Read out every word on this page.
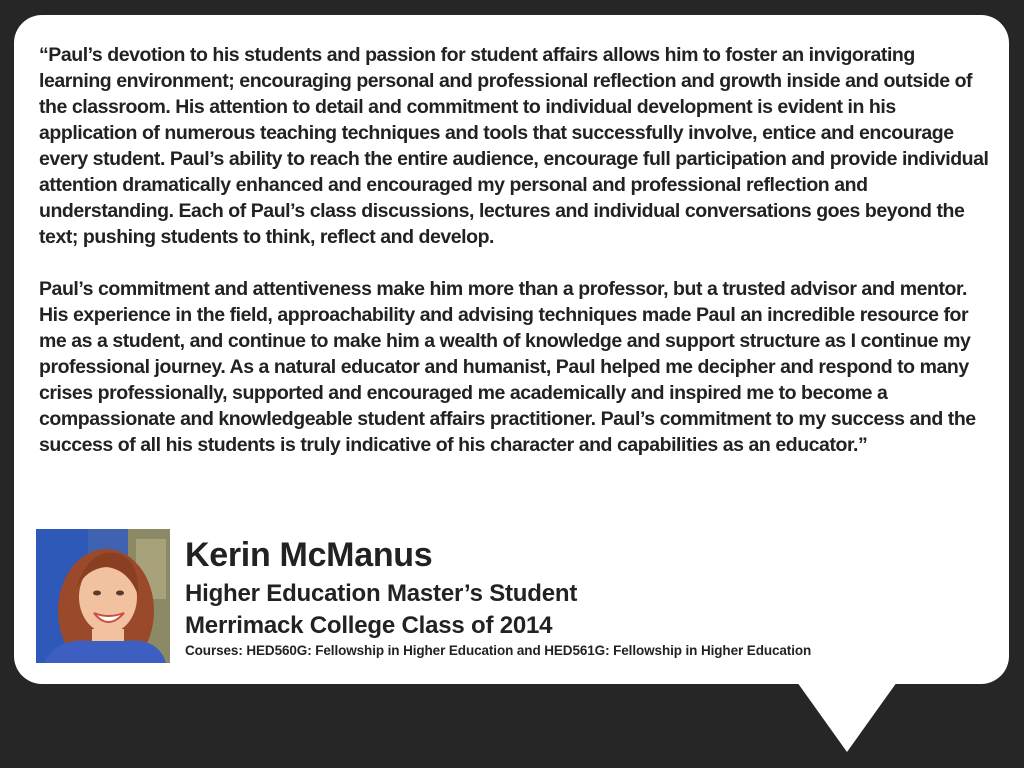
“Paul’s devotion to his students and passion for student affairs allows him to foster an invigorating learning environment; encouraging personal and professional reflection and growth inside and outside of the classroom. His attention to detail and commitment to individual development is evident in his application of numerous teaching techniques and tools that successfully involve, entice and encourage every student. Paul’s ability to reach the entire audience, encourage full participation and provide individual attention dramatically enhanced and encouraged my personal and professional reflection and understanding. Each of Paul’s class discussions, lectures and individual conversations goes beyond the text; pushing students to think, reflect and develop.

Paul’s commitment and attentiveness make him more than a professor, but a trusted advisor and mentor. His experience in the field, approachability and advising techniques made Paul an incredible resource for me as a student, and continue to make him a wealth of knowledge and support structure as I continue my professional journey. As a natural educator and humanist, Paul helped me decipher and respond to many crises professionally, supported and encouraged me academically and inspired me to become a compassionate and knowledgeable student affairs practitioner. Paul’s commitment to my success and the success of all his students is truly indicative of his character and capabilities as an educator.”

Kerin McManus
Higher Education Master’s Student
Merrimack College Class of 2014
Courses: HED560G: Fellowship in Higher Education and HED561G: Fellowship in Higher Education
